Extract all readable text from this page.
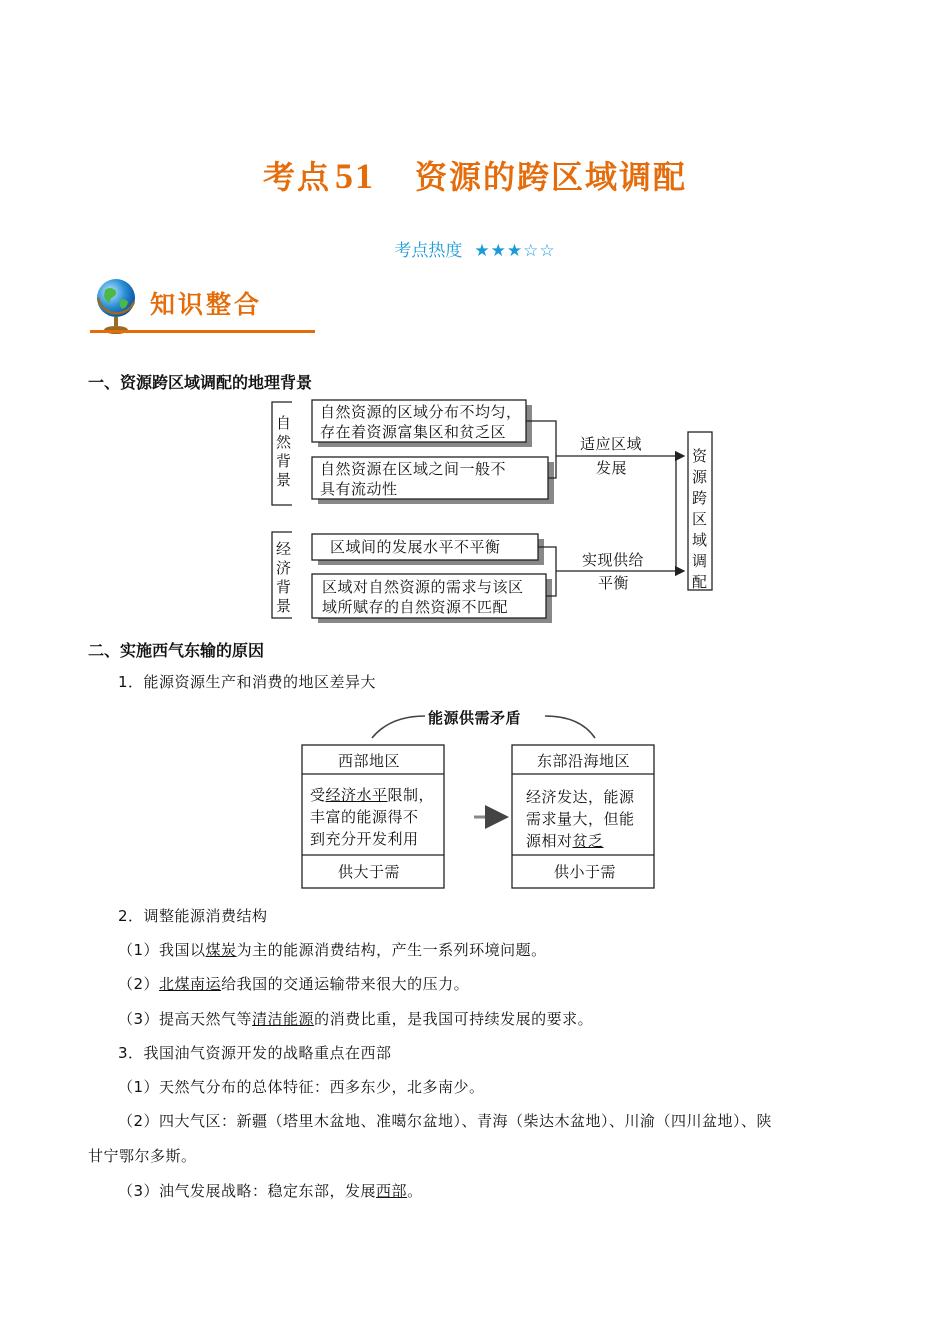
考点 51 资源的跨区域调配
考点热度 ★★★☆☆
知识整合
一、资源跨区域调配的地理背景
自然背景
自然资源的区域分布不均匀，
存在着资源富集区和贫乏区
自然资源在区域之间一般不
具有流动性
适应区域
发展
经济背景
区域间的发展水平不平衡
区域对自然资源的需求与该区
域所赋存的自然资源不匹配
实现供给
平衡
资源跨区域调配
二、实施西气东输的原因
1．能源资源生产和消费的地区差异大
能源供需矛盾
西部地区
受经济水平限制，
丰富的能源得不
到充分开发利用
供大于需
东部沿海地区
经济发达，能源
需求量大，但能
源相对贫乏
供小于需
2．调整能源消费结构
（1）我国以煤炭为主的能源消费结构，产生一系列环境问题。
（2）北煤南运给我国的交通运输带来很大的压力。
（3）提高天然气等清洁能源的消费比重，是我国可持续发展的要求。
3．我国油气资源开发的战略重点在西部
（1）天然气分布的总体特征：西多东少，北多南少。
（2）四大气区：新疆（塔里木盆地、准噶尔盆地）、青海（柴达木盆地）、川渝（四川盆地）、陕
甘宁鄂尔多斯。
（3）油气发展战略：稳定东部，发展西部。
